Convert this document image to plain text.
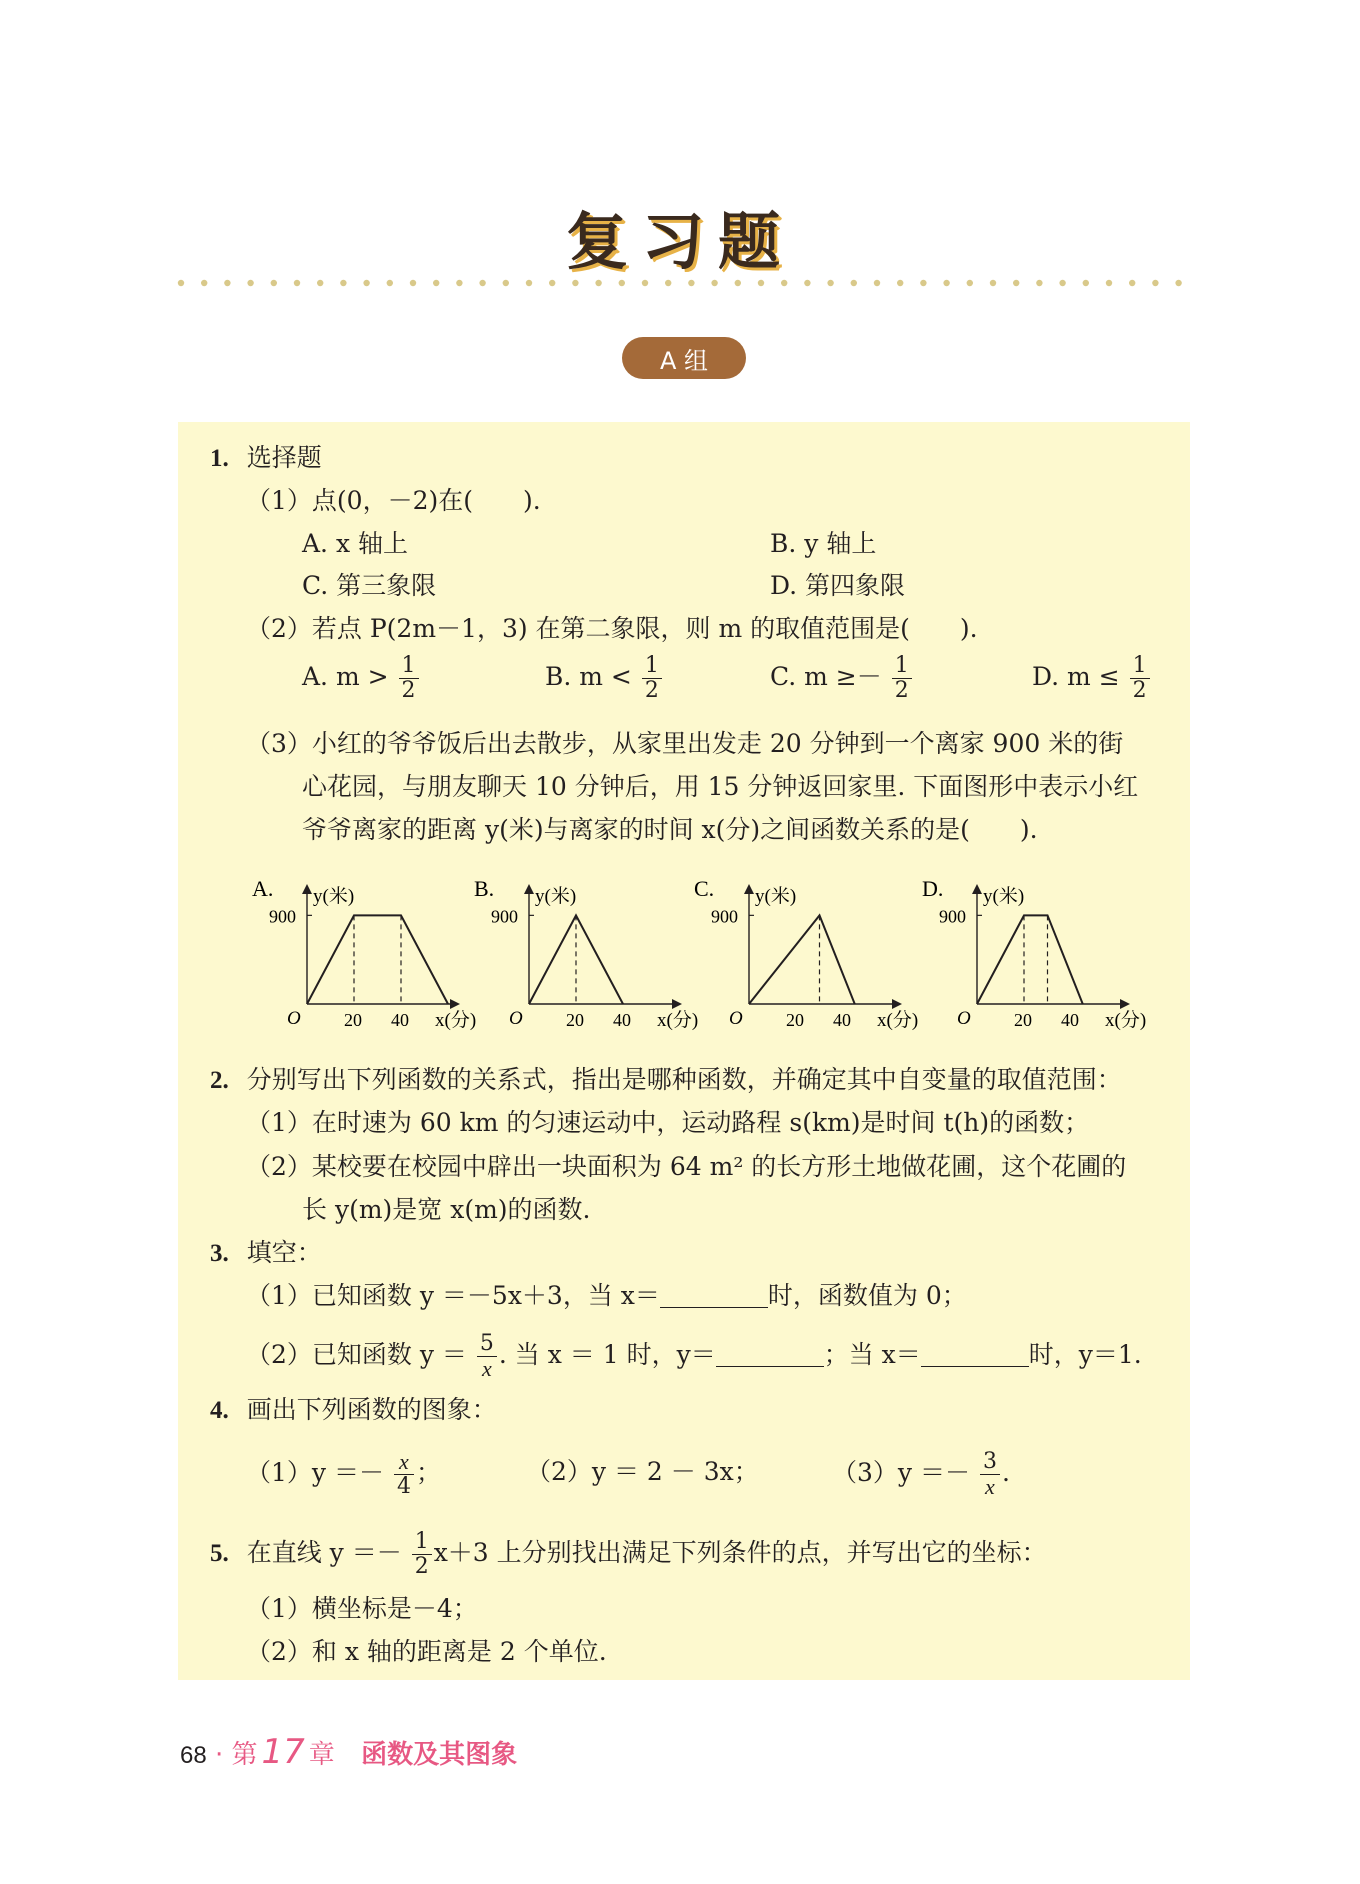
复习题
A 组
1. 选择题
（1）点(0，－2)在(　　).
A. x 轴上	B. y 轴上
C. 第三象限	D. 第四象限
（2）若点 P(2m－1，3) 在第二象限，则 m 的取值范围是(　　).
A. $m > \frac{1}{2}$	B. $m < \frac{1}{2}$	C. $m \ge- \frac{1}{2}$	D. $m \le \frac{1}{2}$
（3）小红的爷爷饭后出去散步，从家里出发走 20 分钟到一个离家 900 米的街
心花园，与朋友聊天 10 分钟后，用 15 分钟返回家里. 下面图形中表示小红
爷爷离家的距离 y(米)与离家的时间 x(分)之间函数关系的是(　　).
A. y(米)
x(分)
O
900
20 40
B. y(米)
x(分)
O
900
20 40
C. y(米)
x(分)
O
900
20 40
D. y(米)
x(分)
O
900
20 40
2. 分别写出下列函数的关系式，指出是哪种函数，并确定其中自变量的取值范围：
（1）在时速为 60 km 的匀速运动中，运动路程 s(km)是时间 t(h)的函数；
（2）某校要在校园中辟出一块面积为 64 m² 的长方形土地做花圃，这个花圃的
长 y(m)是宽 x(m)的函数.
3. 填空：
（1）已知函数 y ＝－5x＋3，当 x＝	时，函数值为 0；
（2）已知函数 $y = \frac{5}{x}$ . 当 x ＝ 1 时，y＝	；当 x＝	时，y＝1.
4. 画出下列函数的图象：
$(1)y =- \frac{x}{4}$ ；	（2）y ＝ 2 － 3x；	$(3)y =- \frac{3}{x}$ .
5. 在直线 $y =- \frac{1}{2} x+3$ 上分别找出满足下列条件的点，并写出它的坐标：
（1）横坐标是－4；
（2）和 x 轴的距离是 2 个单位.
68 · 第 17 章 函数及其图象
